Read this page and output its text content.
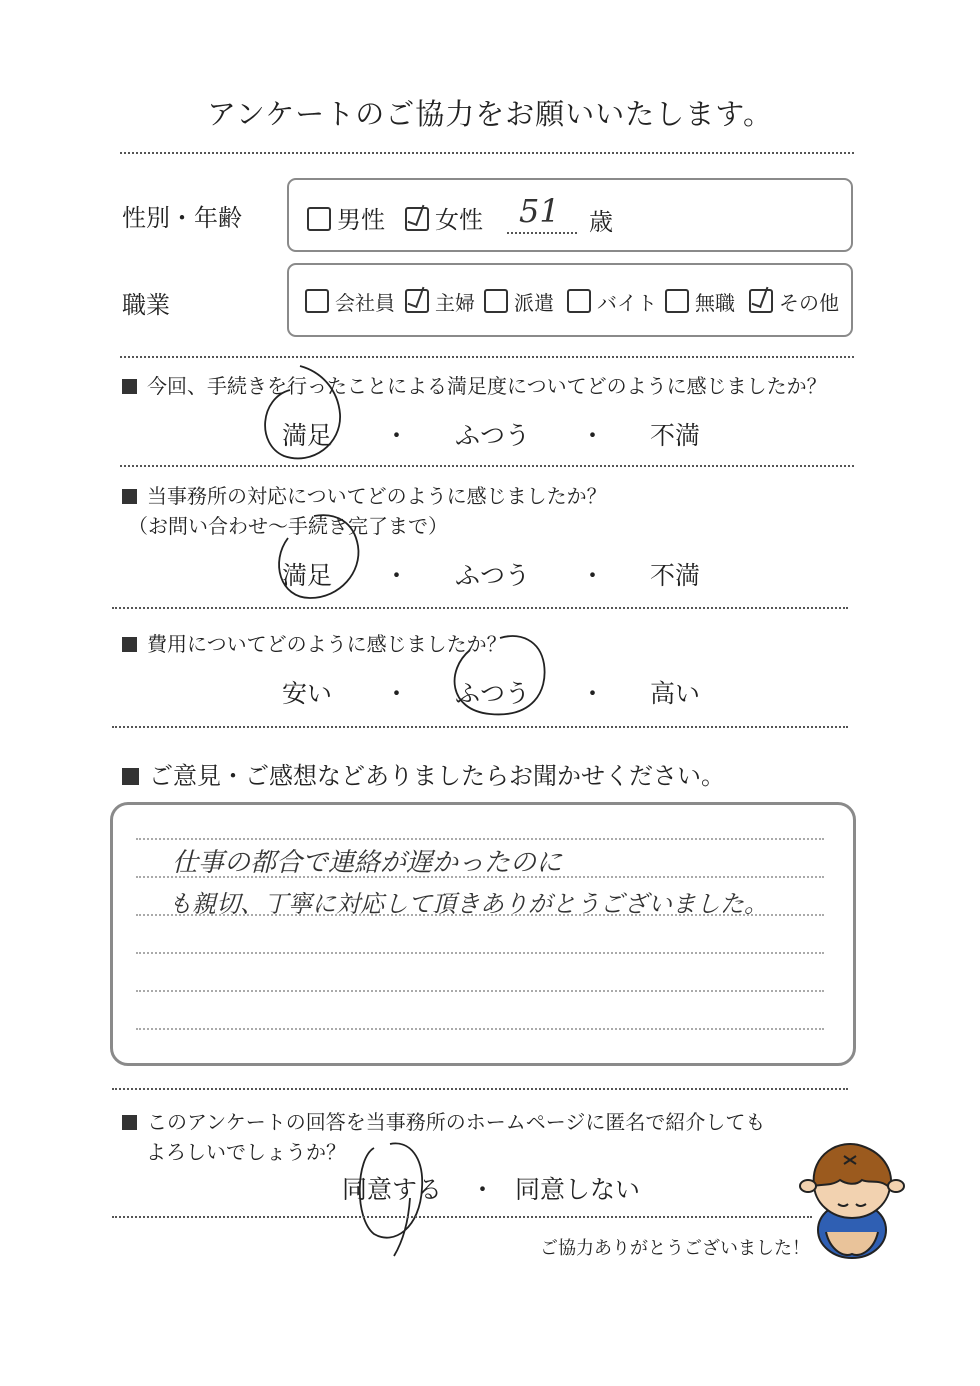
アンケートのご協力をお願いいたします。
性別・年齢	男性	女性 51 歳
職業	会社員	主婦	派遣	バイト	無職	その他
今回、手続きを行ったことによる満足度についてどのように感じましたか？
満足 ・ ふつう ・ 不満
当事務所の対応についてどのように感じましたか？
（お問い合わせ～手続き完了まで）
満足 ・ ふつう ・ 不満
費用についてどのように感じましたか？
安い ・ ふつう ・ 高い
ご意見・ご感想などありましたらお聞かせください。
仕事の都合で連絡が遅かったのに
も親切、丁寧に対応して頂きありがとうございました。
このアンケートの回答を当事務所のホームページに匿名で紹介しても
よろしいでしょうか？
同意する ・ 同意しない
ご協力ありがとうございました！
